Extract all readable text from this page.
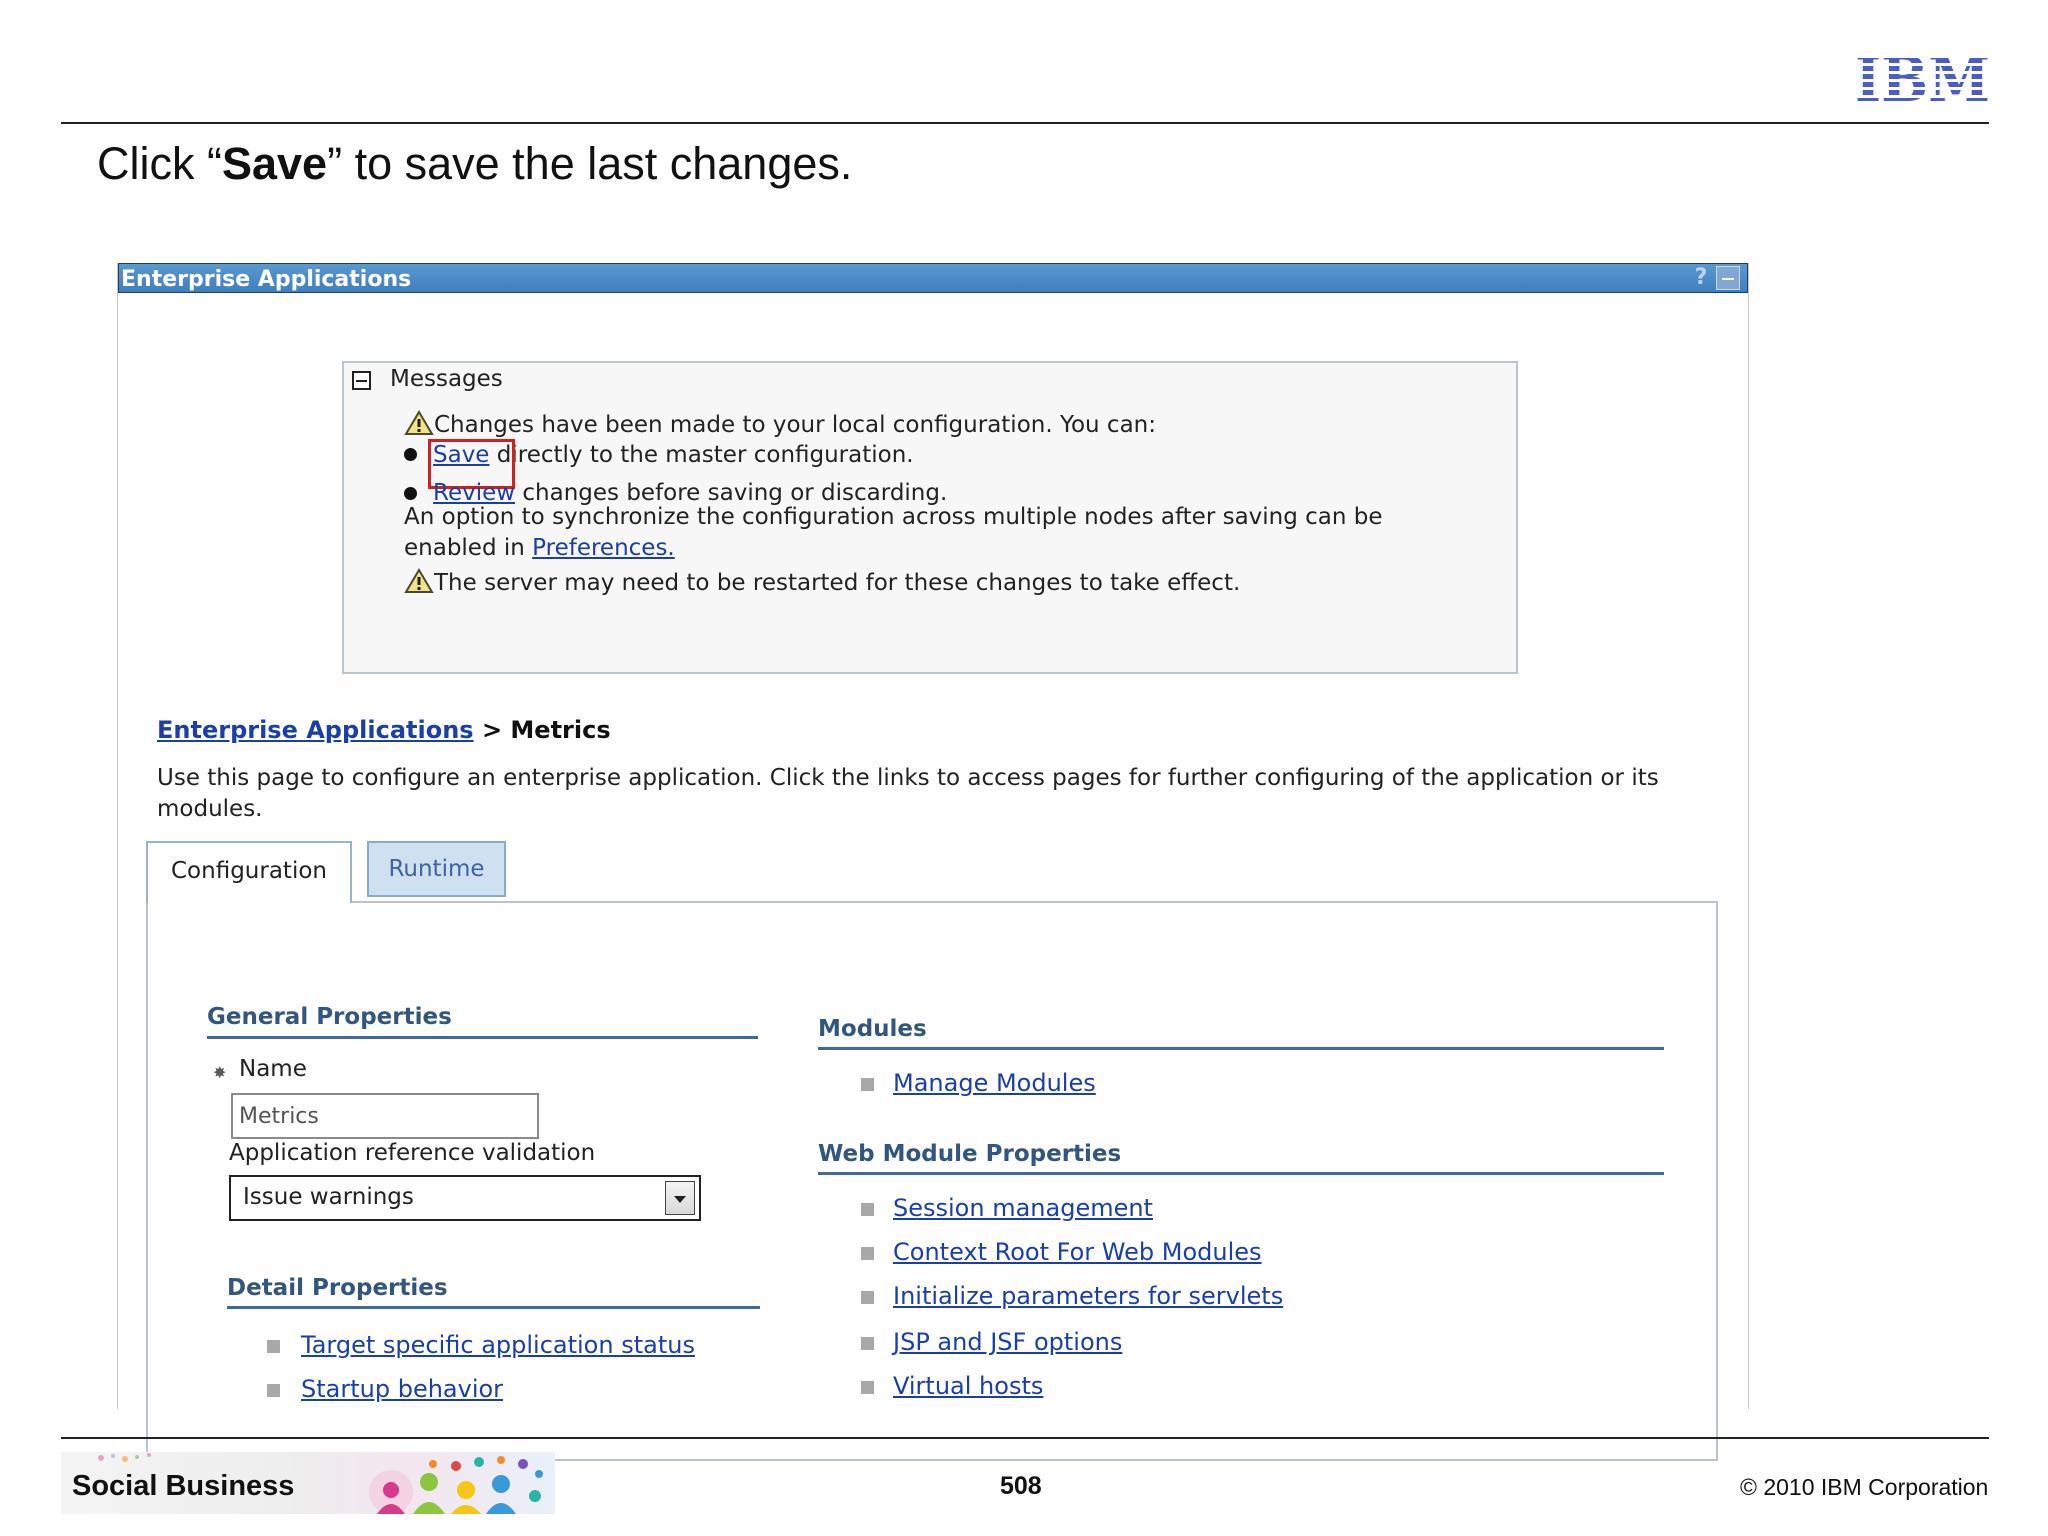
IBM
Click “Save” to save the last changes.
Enterprise Applications	?
Messages
Changes have been made to your local configuration. You can:
Save directly to the master configuration.
Review changes before saving or discarding.
An option to synchronize the configuration across multiple nodes after saving can be
enabled in Preferences.
The server may need to be restarted for these changes to take effect.
Enterprise Applications > Metrics
Use this page to configure an enterprise application. Click the links to access pages for further configuring of the application or its modules.
Configuration	Runtime
General Properties
✸ Name
Metrics
Application reference validation
Issue warnings
Detail Properties
Target specific application status
Startup behavior
Modules
Manage Modules
Web Module Properties
Session management
Context Root For Web Modules
Initialize parameters for servlets
JSP and JSF options
Virtual hosts
Social Business	508	© 2010 IBM Corporation
